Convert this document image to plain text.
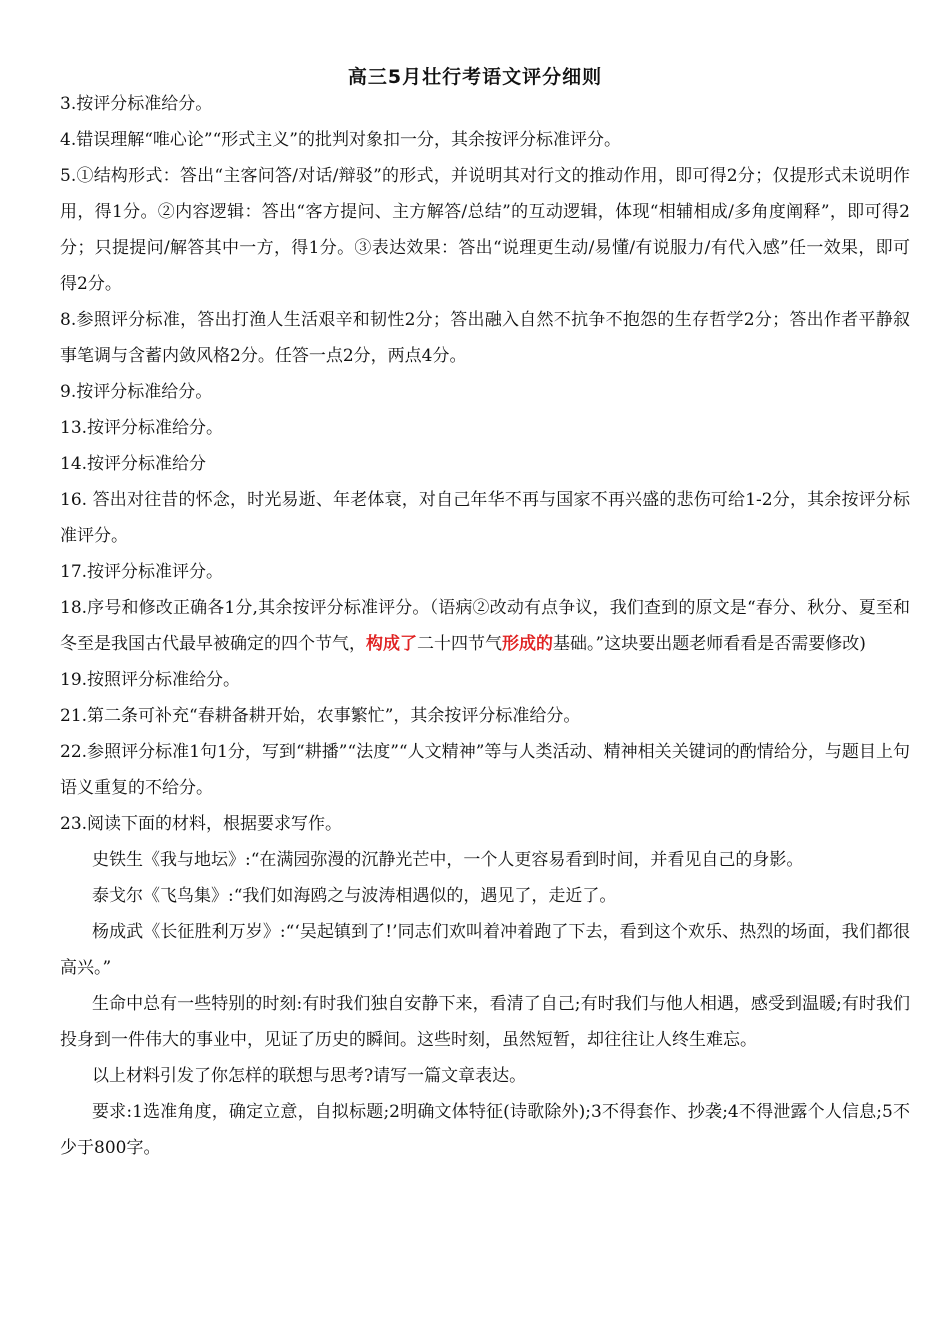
高三5月壮行考语文评分细则

3.按评分标准给分。

4.错误理解“唯心论”“形式主义”的批判对象扣一分，其余按评分标准评分。

5.①结构形式：答出“主客问答/对话/辩驳”的形式，并说明其对行文的推动作用，即可得2分；仅提形式未说明作用，得1分。②内容逻辑：答出“客方提问、主方解答/总结”的互动逻辑，体现“相辅相成/多角度阐释”，即可得2分；只提提问/解答其中一方，得1分。③表达效果：答出“说理更生动/易懂/有说服力/有代入感”任一效果，即可得2分。

8.参照评分标准，答出打渔人生活艰辛和韧性2分；答出融入自然不抗争不抱怨的生存哲学2分；答出作者平静叙事笔调与含蓄内敛风格2分。任答一点2分，两点4分。

9.按评分标准给分。

13.按评分标准给分。

14.按评分标准给分

16. 答出对往昔的怀念，时光易逝、年老体衰，对自己年华不再与国家不再兴盛的悲伤可给1-2分，其余按评分标准评分。

17.按评分标准评分。

18.序号和修改正确各1分,其余按评分标准评分。（语病②改动有点争议，我们查到的原文是“春分、秋分、夏至和冬至是我国古代最早被确定的四个节气，构成了二十四节气形成的基础。”这块要出题老师看看是否需要修改)

19.按照评分标准给分。

21.第二条可补充“春耕备耕开始，农事繁忙”，其余按评分标准给分。

22.参照评分标准1句1分，写到“耕播”“法度”“人文精神”等与人类活动、精神相关关键词的酌情给分，与题目上句语义重复的不给分。

23.阅读下面的材料，根据要求写作。

史铁生《我与地坛》:“在满园弥漫的沉静光芒中，一个人更容易看到时间，并看见自己的身影。

泰戈尔《飞鸟集》:“我们如海鸥之与波涛相遇似的，遇见了，走近了。

杨成武《长征胜利万岁》:“‘吴起镇到了!’同志们欢叫着冲着跑了下去，看到这个欢乐、热烈的场面，我们都很高兴。”

生命中总有一些特别的时刻:有时我们独自安静下来，看清了自己;有时我们与他人相遇，感受到温暖;有时我们投身到一件伟大的事业中，见证了历史的瞬间。这些时刻，虽然短暂，却往往让人终生难忘。

以上材料引发了你怎样的联想与思考?请写一篇文章表达。

要求:1选准角度，确定立意，自拟标题;2明确文体特征(诗歌除外);3不得套作、抄袭;4不得泄露个人信息;5不少于800字。
